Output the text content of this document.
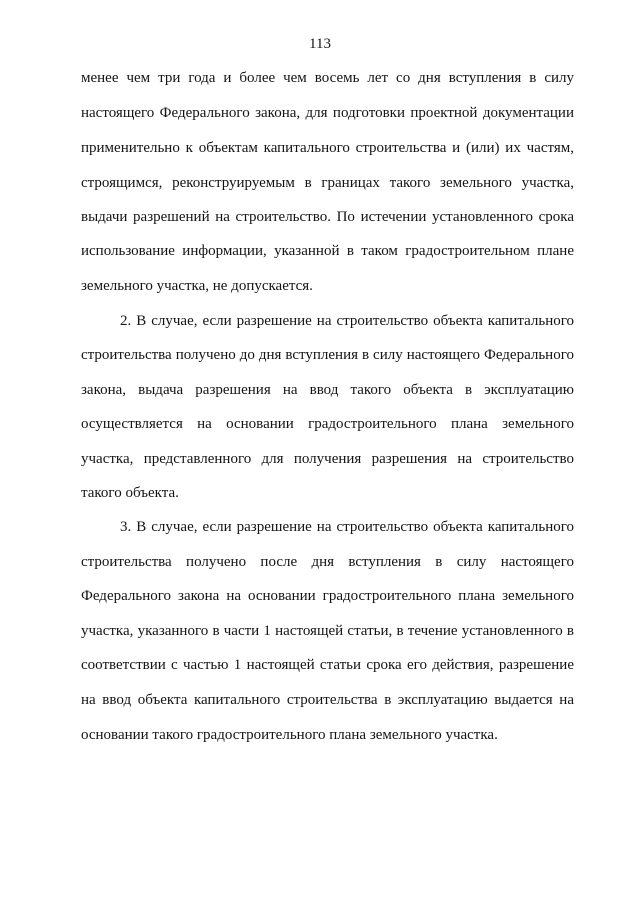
113
менее чем три года и более чем восемь лет со дня вступления в силу
настоящего Федерального закона, для подготовки проектной документации
применительно к объектам капитального строительства и (или) их частям,
строящимся, реконструируемым в границах такого земельного участка,
выдачи разрешений на строительство. По истечении установленного срока
использование информации, указанной в таком градостроительном плане
земельного участка, не допускается.
2. В случае, если разрешение на строительство объекта капитального
строительства получено до дня вступления в силу настоящего Федерального
закона, выдача разрешения на ввод такого объекта в эксплуатацию
осуществляется на основании градостроительного плана земельного
участка, представленного для получения разрешения на строительство
такого объекта.
3. В случае, если разрешение на строительство объекта капитального
строительства получено после дня вступления в силу настоящего
Федерального закона на основании градостроительного плана земельного
участка, указанного в части 1 настоящей статьи, в течение установленного в
соответствии с частью 1 настоящей статьи срока его действия, разрешение
на ввод объекта капитального строительства в эксплуатацию выдается на
основании такого градостроительного плана земельного участка.
